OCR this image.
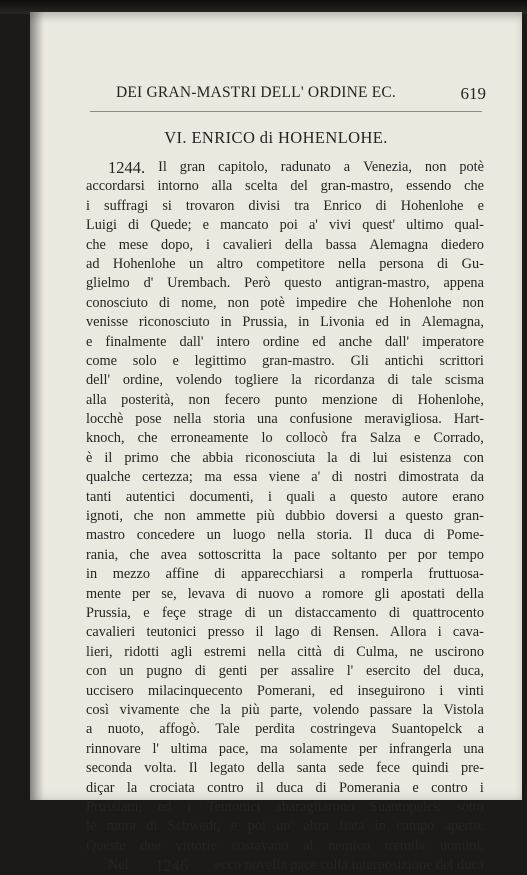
DEI GRAN-MASTRI DELL' ORDINE EC.	619
VI. ENRICO di HOHENLOHE.
1244. Il gran capitolo, radunato a Venezia, non potè
accordarsi intorno alla scelta del gran-mastro, essendo che
i suffragi si trovaron divisi tra Enrico di Hohenlohe e
Luigi di Quede; e mancato poi a' vivi quest' ultimo qual-
che mese dopo, i cavalieri della bassa Alemagna diedero
ad Hohenlohe un altro competitore nella persona di Gu-
glielmo d' Urembach. Però questo antigran-mastro, appena
conosciuto di nome, non potè impedire che Hohenlohe non
venisse riconosciuto in Prussia, in Livonia ed in Alemagna,
e finalmente dall' intero ordine ed anche dall' imperatore
come solo e legittimo gran-mastro. Gli antichi scrittori
dell' ordine, volendo togliere la ricordanza di tale scisma
alla posterità, non fecero punto menzione di Hohenlohe,
locchè pose nella storia una confusione meravigliosa. Hart-
knoch, che erroneamente lo collocò fra Salza e Corrado,
è il primo che abbia riconosciuta la di lui esistenza con
qualche certezza; ma essa viene a' di nostri dimostrata da
tanti autentici documenti, i quali a questo autore erano
ignoti, che non ammette più dubbio doversi a questo gran-
mastro concedere un luogo nella storia. Il duca di Pome-
rania, che avea sottoscritta la pace soltanto per por tempo
in mezzo affine di apparecchiarsi a romperla fruttuosa-
mente per se, levava di nuovo a romore gli apostati della
Prussia, e feçe strage di un distaccamento di quattrocento
cavalieri teutonici presso il lago di Rensen. Allora i cava-
lieri, ridotti agli estremi nella città di Culma, ne uscirono
con un pugno di genti per assalire l' esercito del duca,
uccisero milacinquecento Pomerani, ed inseguirono i vinti
così vivamente che la più parte, volendo passare la Vistola
a nuoto, affogò. Tale perdita costringeva Suantopelck a
rinnovare l' ultima pace, ma solamente per infrangerla una
seconda volta. Il legato della santa sede fece quindi pre-
diçar la crociata contro il duca di Pomerania e contro i
Prussiani; ed i Teutonici sbaragliarono Suantopelck sotto
le mura di Schwedt, e poi un' altra fiata in campo aperto.
Queste due vittorie costavano al nemico tremila uomini.
Nel 1246 ecco novella pace colla interposizione del duca
